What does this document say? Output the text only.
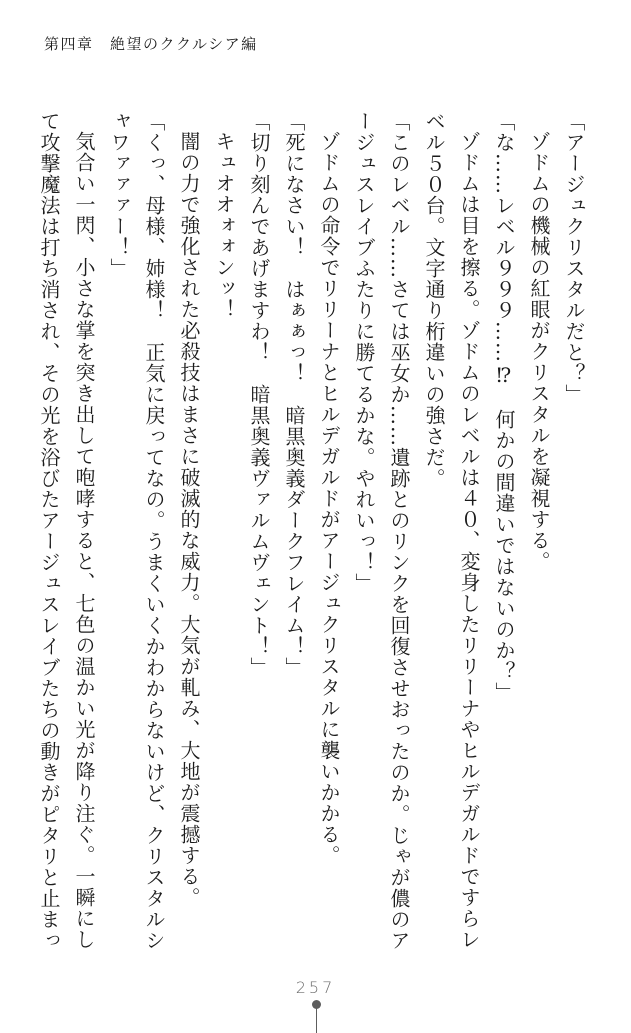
第四章　絶望のククルシア編

「アージュクリスタルだと？」

ゾドムの機械の紅眼がクリスタルを凝視する。

「な……レベル９９９……⁉　何かの間違いではないのか？」

ゾドムは目を擦る。ゾドムのレベルは４０、変身したリリーナやヒルデガルドですらレベル５０台。文字通り桁違いの強さだ。

「このレベル……さては巫女か……遺跡とのリンクを回復させおったのか。じゃが儂のアージュスレイブふたりに勝てるかな。やれいっ！」

ゾドムの命令でリリーナとヒルデガルドがアージュクリスタルに襲いかかる。

「死になさい！　はぁぁっ！　暗黒奥義ダークフレイム！」

「切り刻んであげますわ！　暗黒奥義ヴァルムヴェント！」

キュオオォォンッ！

闇の力で強化された必殺技はまさに破滅的な威力。大気が軋み、大地が震撼する。

「くっ、母様、姉様！　正気に戻ってなの。うまくいくかわからないけど、クリスタルシャワァァァー！」

気合い一閃、小さな掌を突き出して咆哮すると、七色の温かい光が降り注ぐ。一瞬にして攻撃魔法は打ち消され、その光を浴びたアージュスレイブたちの動きがピタリと止まっ

257
